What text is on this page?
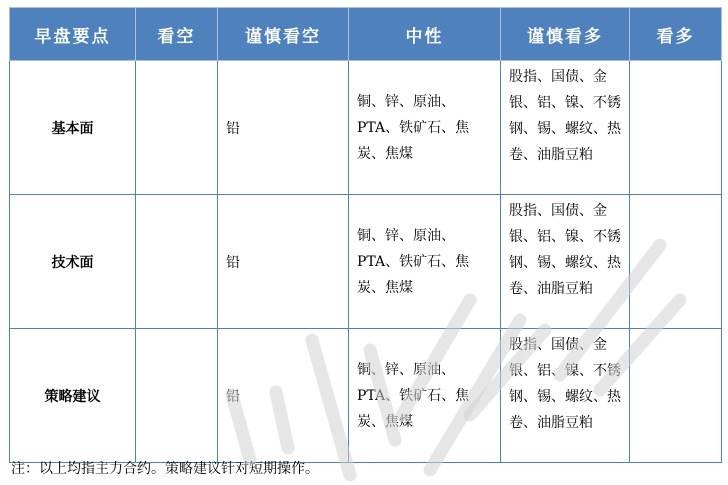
早盘要点	看空	谨慎看空	中性	谨慎看多	看多
基本面		铅	铜、锌、原油、PTA、铁矿石、焦炭、焦煤	股指、国债、金银、铝、镍、不锈钢、锡、螺纹、热卷、油脂豆粕	
技术面		铅	铜、锌、原油、PTA、铁矿石、焦炭、焦煤	股指、国债、金银、铝、镍、不锈钢、锡、螺纹、热卷、油脂豆粕	
策略建议		铅	铜、锌、原油、PTA、铁矿石、焦炭、焦煤	股指、国债、金银、铝、镍、不锈钢、锡、螺纹、热卷、油脂豆粕	
注：以上均指主力合约。策略建议针对短期操作。
